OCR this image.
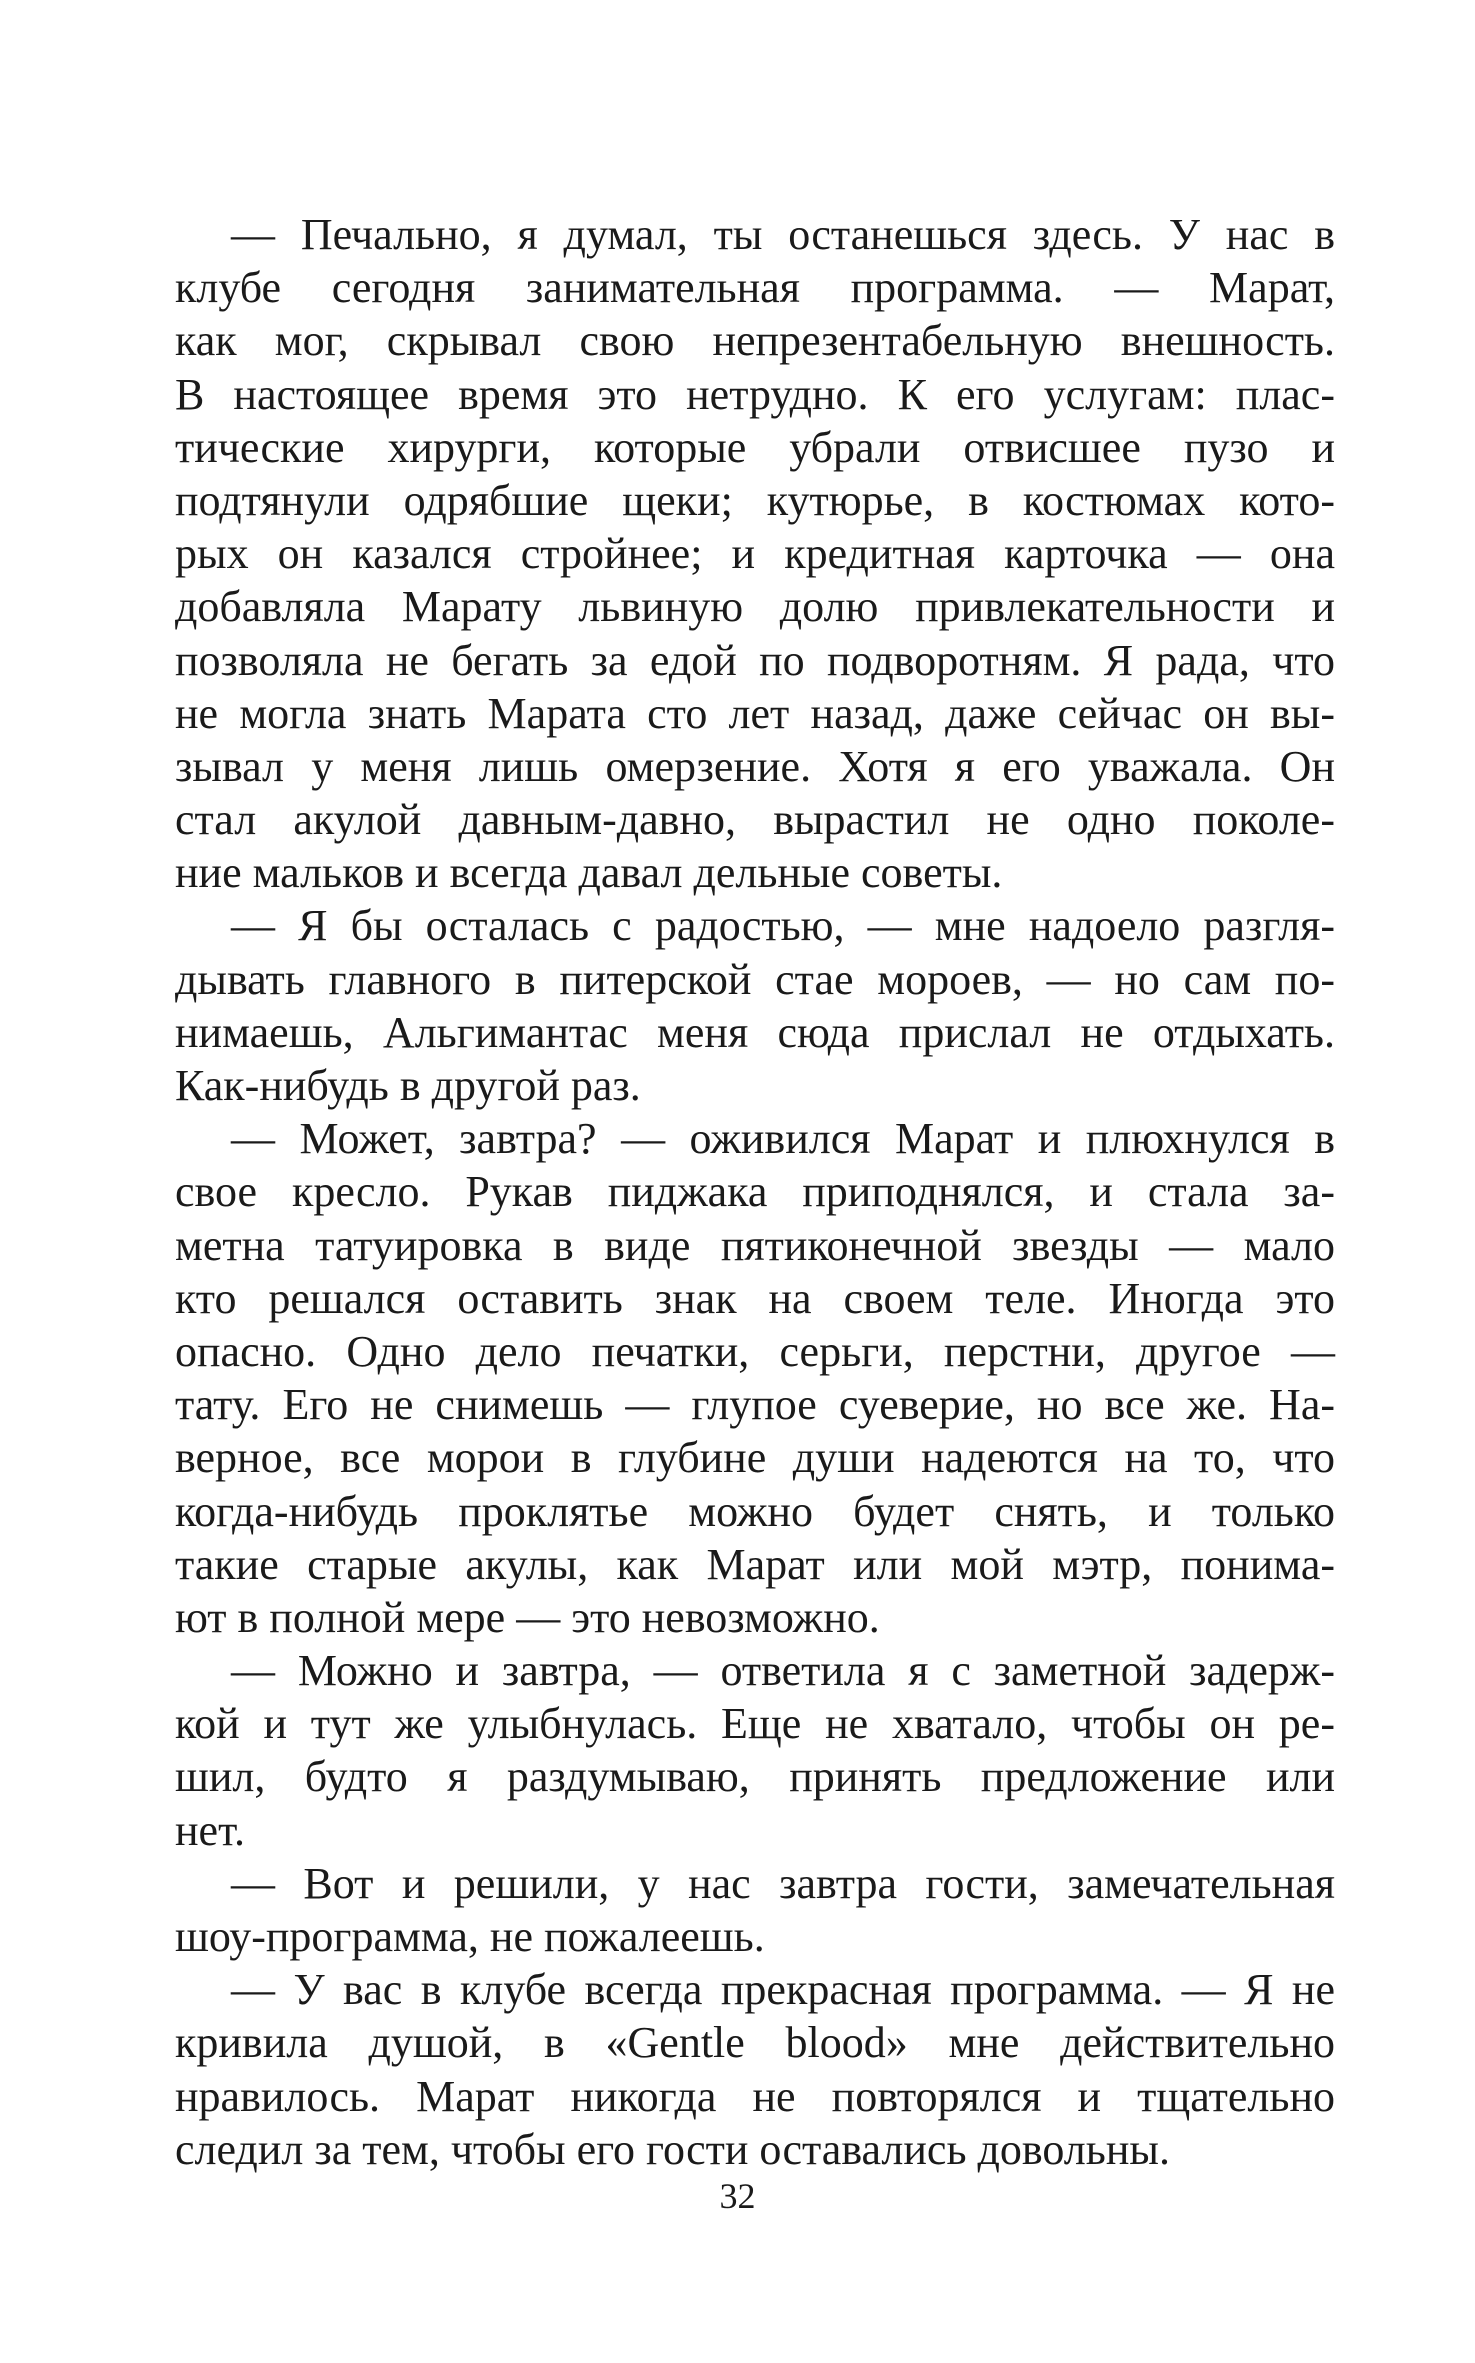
— Печально, я думал, ты останешься здесь. У нас в
клубе сегодня занимательная программа. — Марат,
как мог, скрывал свою непрезентабельную внешность.
В настоящее время это нетрудно. К его услугам: плас-
тические хирурги, которые убрали отвисшее пузо и
подтянули одрябшие щеки; кутюрье, в костюмах кото-
рых он казался стройнее; и кредитная карточка — она
добавляла Марату львиную долю привлекательности и
позволяла не бегать за едой по подворотням. Я рада, что
не могла знать Марата сто лет назад, даже сейчас он вы-
зывал у меня лишь омерзение. Хотя я его уважала. Он
стал акулой давным-давно, вырастил не одно поколе-
ние мальков и всегда давал дельные советы.
— Я бы осталась с радостью, — мне надоело разгля-
дывать главного в питерской стае мороев, — но сам по-
нимаешь, Альгимантас меня сюда прислал не отдыхать.
Как-нибудь в другой раз.
— Может, завтра? — оживился Марат и плюхнулся в
свое кресло. Рукав пиджака приподнялся, и стала за-
метна татуировка в виде пятиконечной звезды — мало
кто решался оставить знак на своем теле. Иногда это
опасно. Одно дело печатки, серьги, перстни, другое —
тату. Его не снимешь — глупое суеверие, но все же. На-
верное, все морои в глубине души надеются на то, что
когда-нибудь проклятье можно будет снять, и только
такие старые акулы, как Марат или мой мэтр, понима-
ют в полной мере — это невозможно.
— Можно и завтра, — ответила я с заметной задерж-
кой и тут же улыбнулась. Еще не хватало, чтобы он ре-
шил, будто я раздумываю, принять предложение или
нет.
— Вот и решили, у нас завтра гости, замечательная
шоу-программа, не пожалеешь.
— У вас в клубе всегда прекрасная программа. — Я не
кривила душой, в «Gentle blood» мне действительно
нравилось. Марат никогда не повторялся и тщательно
следил за тем, чтобы его гости оставались довольны.
32
